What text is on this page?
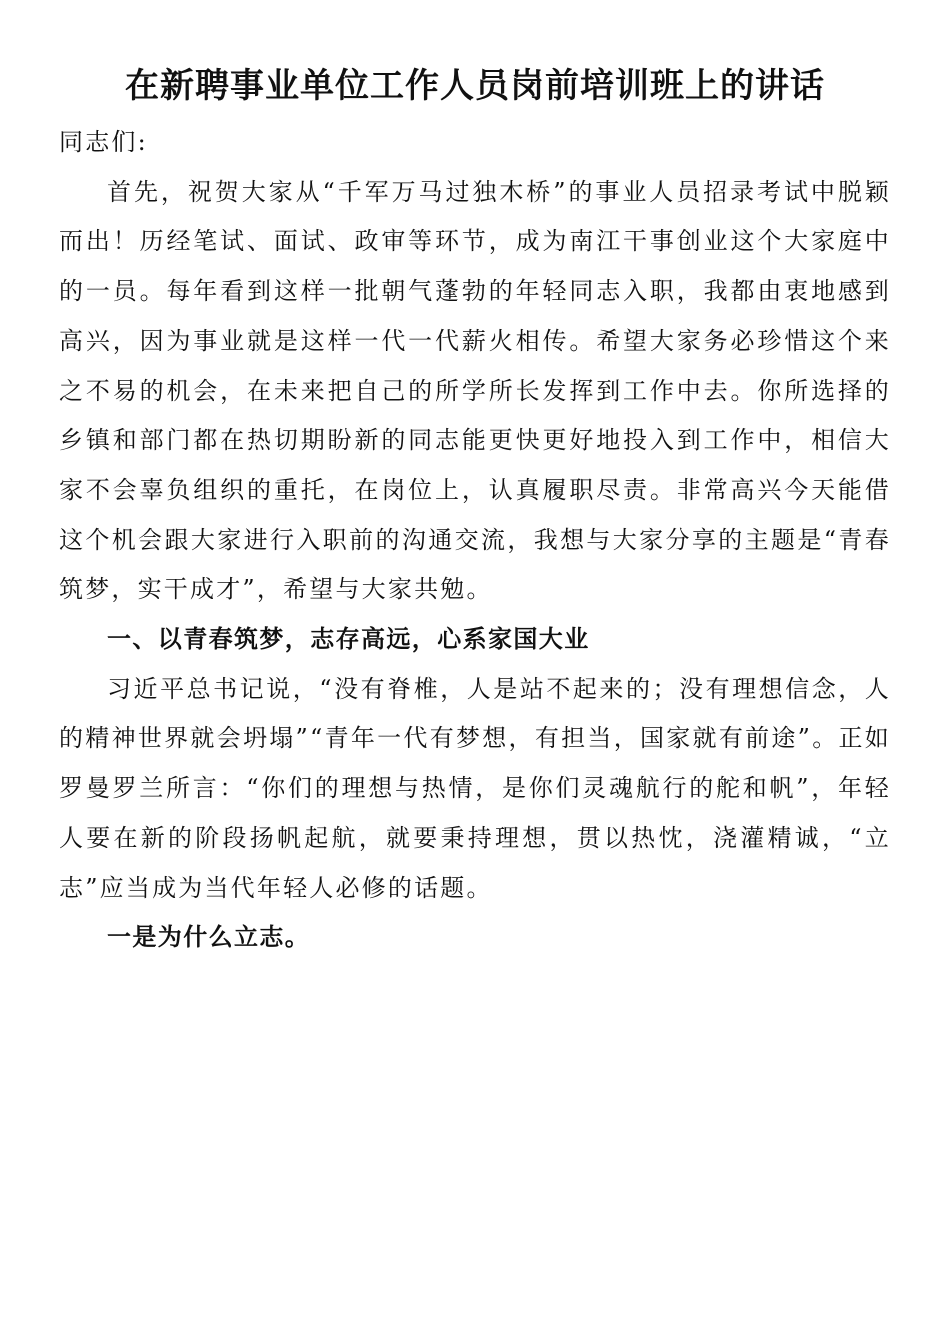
在新聘事业单位工作人员岗前培训班上的讲话

同志们:

首先，祝贺大家从“千军万马过独木桥”的事业人员招录考试中脱颖而出！历经笔试、面试、政审等环节，成为南江干事创业这个大家庭中的一员。每年看到这样一批朝气蓬勃的年轻同志入职，我都由衷地感到高兴，因为事业就是这样一代一代薪火相传。希望大家务必珍惜这个来之不易的机会，在未来把自己的所学所长发挥到工作中去。你所选择的乡镇和部门都在热切期盼新的同志能更快更好地投入到工作中，相信大家不会辜负组织的重托，在岗位上，认真履职尽责。非常高兴今天能借这个机会跟大家进行入职前的沟通交流，我想与大家分享的主题是“青春筑梦，实干成才”，希望与大家共勉。

一、以青春筑梦，志存高远，心系家国大业

习近平总书记说，“没有脊椎，人是站不起来的；没有理想信念，人的精神世界就会坍塌”“青年一代有梦想，有担当，国家就有前途”。正如罗曼罗兰所言：“你们的理想与热情，是你们灵魂航行的舵和帆”，年轻人要在新的阶段扬帆起航，就要秉持理想，贯以热忱，浇灌精诚，“立志”应当成为当代年轻人必修的话题。

一是为什么立志。
